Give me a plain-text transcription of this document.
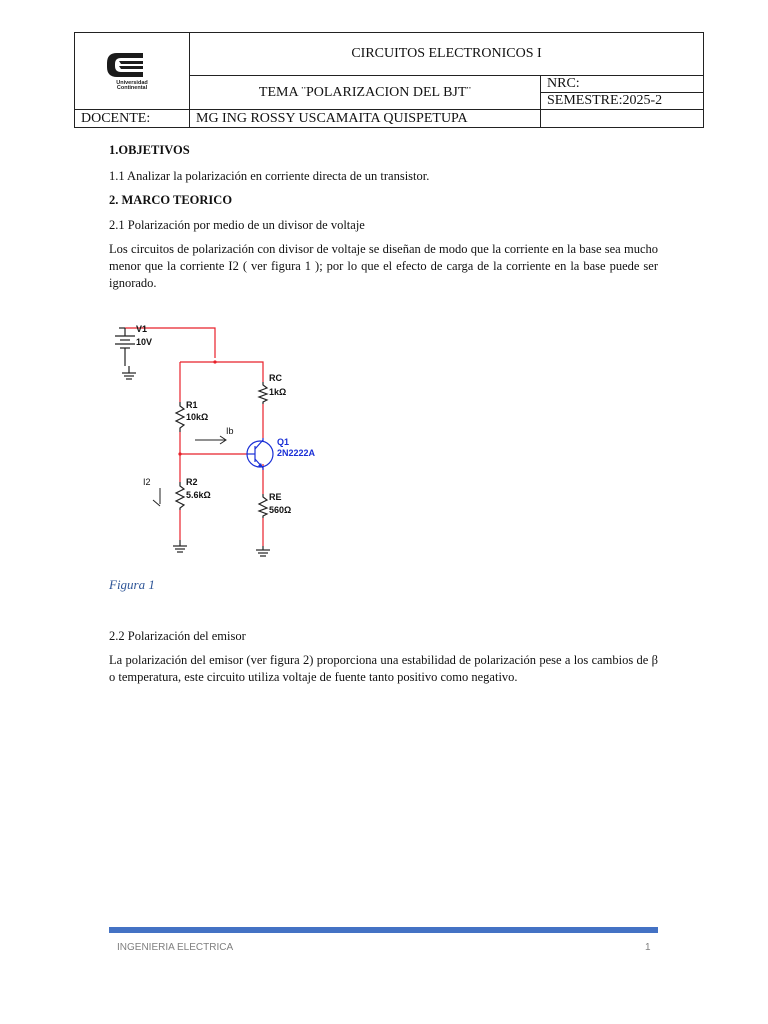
Universidad
Continental	CIRCUITOS ELECTRONICOS I	
	TEMA ¨POLARIZACION DEL BJT¨	NRC:
SEMESTRE:2025-2

DOCENTE:	MG ING ROSSY USCAMAITA QUISPETUPA	
1.OBJETIVOS
1.1 Analizar la polarización en corriente directa de un transistor.
2. MARCO TEORICO
2.1 Polarización por medio de un divisor de voltaje
Los circuitos de polarización con divisor de voltaje se diseñan de modo que la corriente en la base sea mucho menor que la corriente I2 ( ver figura 1 ); por lo que el efecto de carga de la corriente en la base puede ser ignorado.
V1
10V
R1
10kΩ
R2
5.6kΩ
RC
1kΩ
RE
560Ω
Q1
2N2222A
Ib
I2
Figura 1
2.2 Polarización del emisor
La polarización del emisor (ver figura 2) proporciona una estabilidad de polarización pese a los cambios de β o temperatura, este circuito utiliza voltaje de fuente tanto positivo como negativo.
INGENIERIA ELECTRICA	1
